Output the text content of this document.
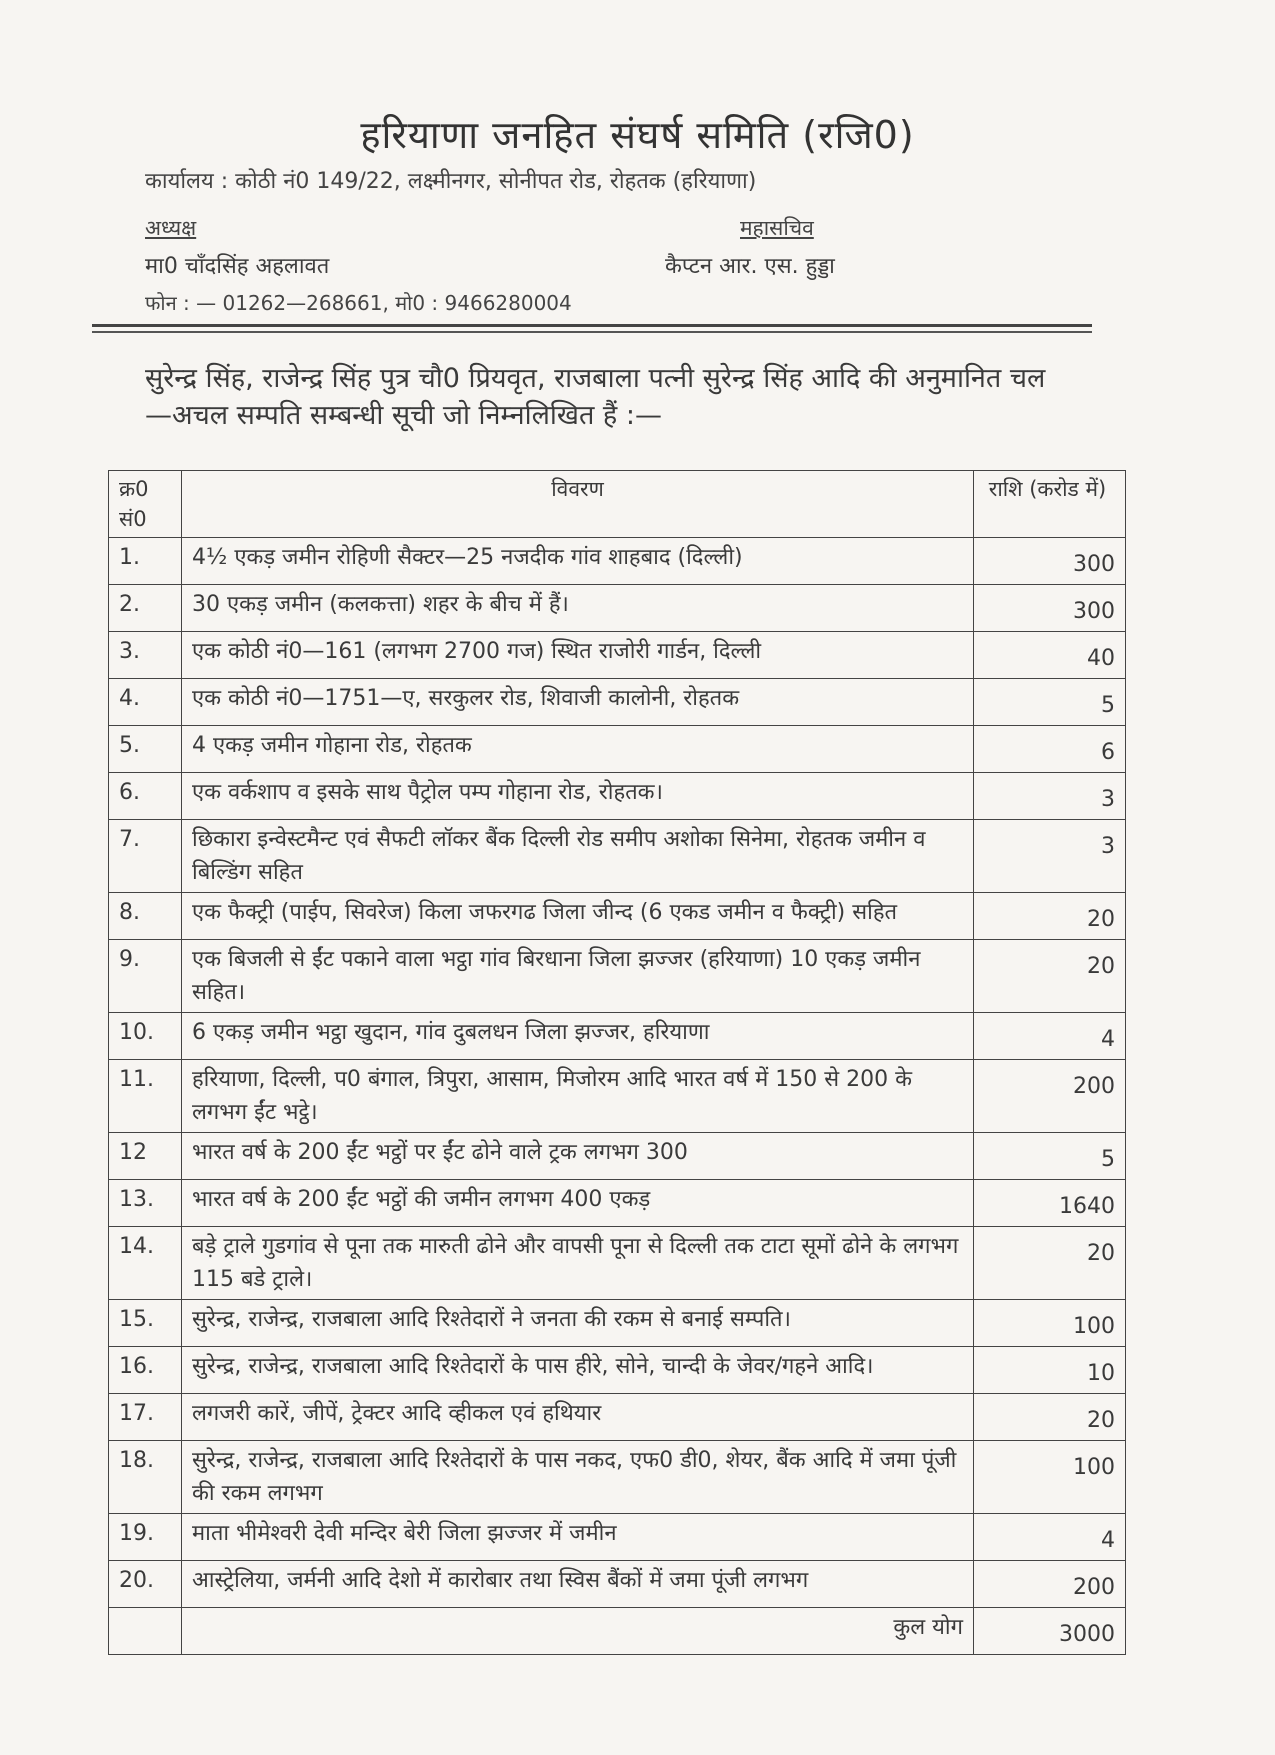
हरियाणा जनहित संघर्ष समिति (रजि0)
कार्यालय : कोठी नं0 149/22, लक्ष्मीनगर, सोनीपत रोड, रोहतक (हरियाणा)
अध्यक्ष
मा0 चाँदसिंह अहलावत
महासचिव
कैप्टन आर. एस. हुड्डा
फोन : — 01262—268661, मो0 : 9466280004
सुरेन्द्र सिंह, राजेन्द्र सिंह पुत्र चौ0 प्रियवृत, राजबाला पत्नी सुरेन्द्र सिंह आदि की अनुमानित चल—अचल सम्पति सम्बन्धी सूची जो निम्नलिखित हैं :—
क्र0 सं0	विवरण	राशि (करोड में)
1.	4½ एकड़ जमीन रोहिणी सैक्टर—25 नजदीक गांव शाहबाद (दिल्ली)	300
2.	30 एकड़ जमीन (कलकत्ता) शहर के बीच में हैं।	300
3.	एक कोठी नं0—161 (लगभग 2700 गज) स्थित राजोरी गार्डन, दिल्ली	40
4.	एक कोठी नं0—1751—ए, सरकुलर रोड, शिवाजी कालोनी, रोहतक	5
5.	4 एकड़ जमीन गोहाना रोड, रोहतक	6
6.	एक वर्कशाप व इसके साथ पैट्रोल पम्प गोहाना रोड, रोहतक।	3
7.	छिकारा इन्वेस्टमैन्ट एवं सैफटी लॉकर बैंक दिल्ली रोड समीप अशोका सिनेमा, रोहतक जमीन व बिल्डिंग सहित	3
8.	एक फैक्ट्री (पाईप, सिवरेज) किला जफरगढ जिला जीन्द (6 एकड जमीन व फैक्ट्री) सहित	20
9.	एक बिजली से ईंट पकाने वाला भट्ठा गांव बिरधाना जिला झज्जर (हरियाणा) 10 एकड़ जमीन सहित।	20
10.	6 एकड़ जमीन भट्ठा खुदान, गांव दुबलधन जिला झज्जर, हरियाणा	4
11.	हरियाणा, दिल्ली, प0 बंगाल, त्रिपुरा, आसाम, मिजोरम आदि भारत वर्ष में 150 से 200 के लगभग ईंट भट्ठे।	200
12	भारत वर्ष के 200 ईंट भट्ठों पर ईंट ढोने वाले ट्रक लगभग 300	5
13.	भारत वर्ष के 200 ईंट भट्ठों की जमीन लगभग 400 एकड़	1640
14.	बड़े ट्राले गुडगांव से पूना तक मारुती ढोने और वापसी पूना से दिल्ली तक टाटा सूमों ढोने के लगभग 115 बडे ट्राले।	20
15.	सुरेन्द्र, राजेन्द्र, राजबाला आदि रिश्तेदारों ने जनता की रकम से बनाई सम्पति।	100
16.	सुरेन्द्र, राजेन्द्र, राजबाला आदि रिश्तेदारों के पास हीरे, सोने, चान्दी के जेवर/गहने आदि।	10
17.	लगजरी कारें, जीपें, ट्रेक्टर आदि व्हीकल एवं हथियार	20
18.	सुरेन्द्र, राजेन्द्र, राजबाला आदि रिश्तेदारों के पास नकद, एफ0 डी0, शेयर, बैंक आदि में जमा पूंजी की रकम लगभग	100
19.	माता भीमेश्वरी देवी मन्दिर बेरी जिला झज्जर में जमीन	4
20.	आस्ट्रेलिया, जर्मनी आदि देशो में कारोबार तथा स्विस बैंकों में जमा पूंजी लगभग	200
	कुल योग	3000
